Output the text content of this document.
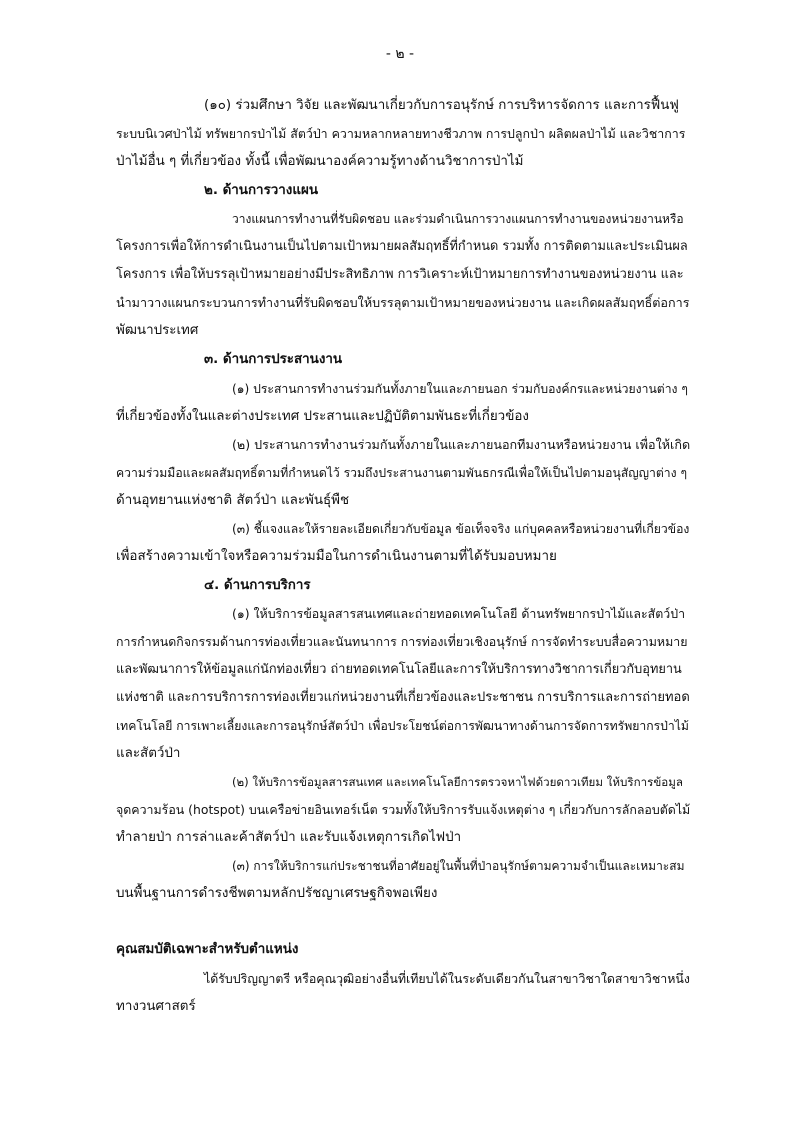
- ๒ -
(๑๐) ร่วมศึกษา วิจัย และพัฒนาเกี่ยวกับการอนุรักษ์ การบริหารจัดการ และการฟื้นฟู
ระบบนิเวศป่าไม้ ทรัพยากรป่าไม้ สัตว์ป่า ความหลากหลายทางชีวภาพ การปลูกป่า ผลิตผลป่าไม้ และวิชาการ
ป่าไม้อื่น ๆ ที่เกี่ยวข้อง ทั้งนี้ เพื่อพัฒนาองค์ความรู้ทางด้านวิชาการป่าไม้
๒. ด้านการวางแผน
วางแผนการทำงานที่รับผิดชอบ และร่วมดำเนินการวางแผนการทำงานของหน่วยงานหรือ
โครงการเพื่อให้การดำเนินงานเป็นไปตามเป้าหมายผลสัมฤทธิ์ที่กำหนด รวมทั้ง การติดตามและประเมินผล
โครงการ เพื่อให้บรรลุเป้าหมายอย่างมีประสิทธิภาพ การวิเคราะห์เป้าหมายการทำงานของหน่วยงาน และ
นำมาวางแผนกระบวนการทำงานที่รับผิดชอบให้บรรลุตามเป้าหมายของหน่วยงาน และเกิดผลสัมฤทธิ์ต่อการ
พัฒนาประเทศ
๓. ด้านการประสานงาน
(๑) ประสานการทำงานร่วมกันทั้งภายในและภายนอก ร่วมกับองค์กรและหน่วยงานต่าง ๆ
ที่เกี่ยวข้องทั้งในและต่างประเทศ ประสานและปฏิบัติตามพันธะที่เกี่ยวข้อง
(๒) ประสานการทำงานร่วมกันทั้งภายในและภายนอกทีมงานหรือหน่วยงาน เพื่อให้เกิด
ความร่วมมือและผลสัมฤทธิ์ตามที่กำหนดไว้ รวมถึงประสานงานตามพันธกรณีเพื่อให้เป็นไปตามอนุสัญญาต่าง ๆ
ด้านอุทยานแห่งชาติ สัตว์ป่า และพันธุ์พืช
(๓) ชี้แจงและให้รายละเอียดเกี่ยวกับข้อมูล ข้อเท็จจริง แก่บุคคลหรือหน่วยงานที่เกี่ยวข้อง
เพื่อสร้างความเข้าใจหรือความร่วมมือในการดำเนินงานตามที่ได้รับมอบหมาย
๔. ด้านการบริการ
(๑) ให้บริการข้อมูลสารสนเทศและถ่ายทอดเทคโนโลยี ด้านทรัพยากรป่าไม้และสัตว์ป่า
การกำหนดกิจกรรมด้านการท่องเที่ยวและนันทนาการ การท่องเที่ยวเชิงอนุรักษ์ การจัดทำระบบสื่อความหมาย
และพัฒนาการให้ข้อมูลแก่นักท่องเที่ยว ถ่ายทอดเทคโนโลยีและการให้บริการทางวิชาการเกี่ยวกับอุทยาน
แห่งชาติ และการบริการการท่องเที่ยวแก่หน่วยงานที่เกี่ยวข้องและประชาชน การบริการและการถ่ายทอด
เทคโนโลยี การเพาะเลี้ยงและการอนุรักษ์สัตว์ป่า เพื่อประโยชน์ต่อการพัฒนาทางด้านการจัดการทรัพยากรป่าไม้
และสัตว์ป่า
(๒) ให้บริการข้อมูลสารสนเทศ และเทคโนโลยีการตรวจหาไฟด้วยดาวเทียม ให้บริการข้อมูล
จุดความร้อน (hotspot) บนเครือข่ายอินเทอร์เน็ต รวมทั้งให้บริการรับแจ้งเหตุต่าง ๆ เกี่ยวกับการลักลอบตัดไม้
ทำลายป่า การล่าและค้าสัตว์ป่า และรับแจ้งเหตุการเกิดไฟป่า
(๓) การให้บริการแก่ประชาชนที่อาศัยอยู่ในพื้นที่ป่าอนุรักษ์ตามความจำเป็นและเหมาะสม
บนพื้นฐานการดำรงชีพตามหลักปรัชญาเศรษฐกิจพอเพียง
คุณสมบัติเฉพาะสำหรับตำแหน่ง
ได้รับปริญญาตรี หรือคุณวุฒิอย่างอื่นที่เทียบได้ในระดับเดียวกันในสาขาวิชาใดสาขาวิชาหนึ่ง
ทางวนศาสตร์
